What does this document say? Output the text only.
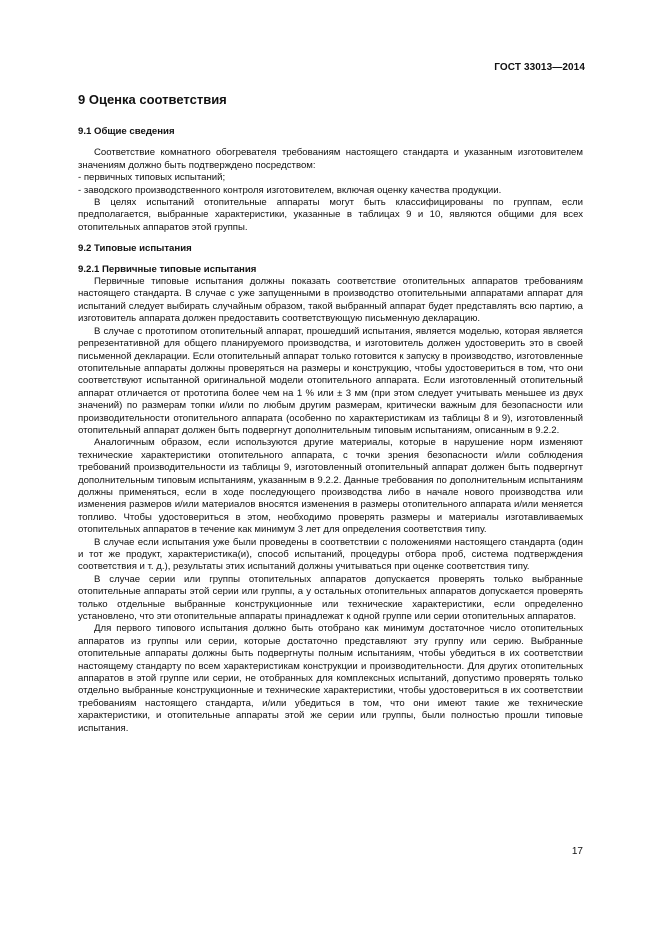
ГОСТ 33013—2014
9 Оценка соответствия
9.1 Общие сведения

Соответствие комнатного обогревателя требованиям настоящего стандарта и указанным изготовителем значениям должно быть подтверждено посредством:

- первичных типовых испытаний;
- заводского производственного контроля изготовителем, включая оценку качества продукции.

В целях испытаний отопительные аппараты могут быть классифицированы по группам, если предполагается, выбранные характеристики, указанные в таблицах 9 и 10, являются общими для всех отопительных аппаратов этой группы.

9.2 Типовые испытания
9.2.1 Первичные типовые испытания

Первичные типовые испытания должны показать соответствие отопительных аппаратов требованиям настоящего стандарта. В случае с уже запущенными в производство отопительными аппаратами аппарат для испытаний следует выбирать случайным образом, такой выбранный аппарат будет представлять всю партию, а изготовитель аппарата должен предоставить соответствующую письменную декларацию.

В случае с прототипом отопительный аппарат, прошедший испытания, является моделью, которая является репрезентативной для общего планируемого производства, и изготовитель должен удостоверить это в своей письменной декларации. Если отопительный аппарат только готовится к запуску в производство, изготовленные отопительные аппараты должны проверяться на размеры и конструкцию, чтобы удостовериться в том, что они соответствуют испытанной оригинальной модели отопительного аппарата. Если изготовленный отопительный аппарат отличается от прототипа более чем на 1 % или ± 3 мм (при этом следует учитывать меньшее из двух значений) по размерам топки и/или по любым другим размерам, критически важным для безопасности или производительности отопительного аппарата (особенно по характеристикам из таблицы 8 и 9), изготовленный отопительный аппарат должен быть подвергнут дополнительным типовым испытаниям, описанным в 9.2.2.

Аналогичным образом, если используются другие материалы, которые в нарушение норм изменяют технические характеристики отопительного аппарата, с точки зрения безопасности и/или соблюдения требований производительности из таблицы 9, изготовленный отопительный аппарат должен быть подвергнут дополнительным типовым испытаниям, указанным в 9.2.2. Данные требования по дополнительным испытаниям должны применяться, если в ходе последующего производства либо в начале нового производства или изменения размеров и/или материалов вносятся изменения в размеры отопительного аппарата и/или меняется топливо. Чтобы удостовериться в этом, необходимо проверять размеры и материалы изготавливаемых отопительных аппаратов в течение как минимум 3 лет для определения соответствия типу.

В случае если испытания уже были проведены в соответствии с положениями настоящего стандарта (один и тот же продукт, характеристика(и), способ испытаний, процедуры отбора проб, система подтверждения соответствия и т. д.), результаты этих испытаний должны учитываться при оценке соответствия типу.

В случае серии или группы отопительных аппаратов допускается проверять только выбранные отопительные аппараты этой серии или группы, а у остальных отопительных аппаратов допускается проверять только отдельные выбранные конструкционные или технические характеристики, если определенно установлено, что эти отопительные аппараты принадлежат к одной группе или серии отопительных аппаратов.

Для первого типового испытания должно быть отобрано как минимум достаточное число отопительных аппаратов из группы или серии, которые достаточно представляют эту группу или серию. Выбранные отопительные аппараты должны быть подвергнуты полным испытаниям, чтобы убедиться в их соответствии настоящему стандарту по всем характеристикам конструкции и производительности. Для других отопительных аппаратов в этой группе или серии, не отобранных для комплексных испытаний, допустимо проверять только отдельно выбранные конструкционные и технические характеристики, чтобы удостовериться в их соответствии требованиям настоящего стандарта, и/или убедиться в том, что они имеют такие же технические характеристики, и отопительные аппараты этой же серии или группы, были полностью прошли типовые испытания.

17
